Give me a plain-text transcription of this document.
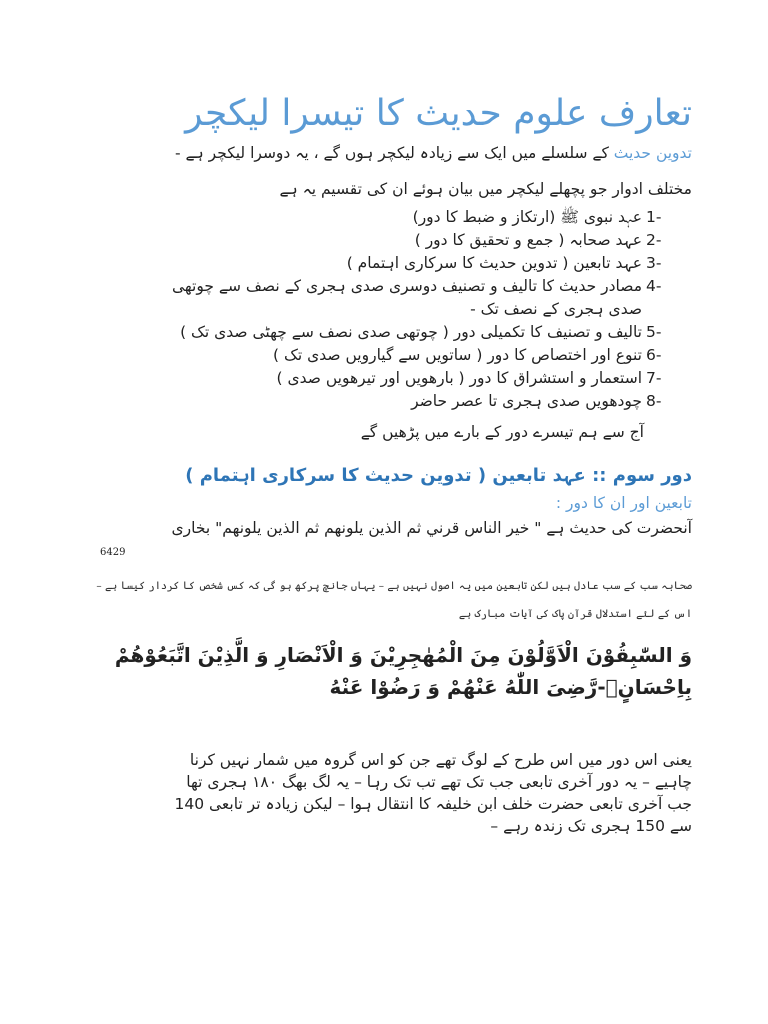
تعارف علوم حدیث کا تیسرا لیکچر

تدوین حدیث کے سلسلے میں ایک سے زیادہ لیکچر ہوں گے ، یہ دوسرا لیکچر ہے -

مختلف ادوار جو پچھلے لیکچر میں بیان ہوئے ان کی تقسیم یہ ہے

1-
عہد نبوی ﷺ (ارتکاز و ضبط کا دور)
2-
عہد صحابہ ( جمع و تحقیق کا دور )
3-
عہد تابعین ( تدوین حدیث کا سرکاری اہتمام )
4-
مصادر حدیث کا تالیف و تصنیف دوسری صدی ہجری کے نصف سے چوتھی
صدی ہجری کے نصف تک -
5-
تالیف و تصنیف کا تکمیلی دور ( چوتھی صدی نصف سے چھٹی صدی تک )
6-
تنوع اور اختصاص کا دور ( ساتویں سے گیارویں صدی تک )
7-
استعمار و استشراق کا دور ( بارھویں اور تیرھویں صدی )
8-
چودھویں صدی ہجری تا عصر حاضر

آج سے ہم تیسرے دور کے بارے میں پڑھیں گے

دور سوم :: عہد تابعین ( تدوین حدیث کا سرکاری اہتمام )
تابعین اور ان کا دور :

آنحضرت کی حدیث ہے " خير الناس قرني ثم الذين يلونهم ثم الذين يلونهم" بخاری

6429
صحابہ سب کے سب عادل ہیں لکن تابعین میں یہ اصول نہیں ہے – یہاں جانچ پرکھ ہو گی کہ کس شخص کا کردار کیسا ہے –
اس کے لئے استدلال قرآن پاک کی آیات مبارک ہے
وَ السّٰبِقُوْنَ الْاَوَّلُوْنَ مِنَ الْمُهٰجِرِیْنَ وَ الْاَنْصَارِ وَ الَّذِیْنَ اتَّبَعُوْهُمْ بِاِحْسَانٍۙ-رَّضِیَ اللّٰهُ عَنْهُمْ وَ رَضُوْا عَنْهُ

یعنی اس دور میں اس طرح کے لوگ تھے جن کو اس گروہ میں شمار نہیں کرنا

چاہیے – یہ دور آخری تابعی جب تک تھے تب تک رہا – یہ لگ بھگ ۱۸۰ ہجری تھا

جب آخری تابعی حضرت خلف ابن خلیفہ کا انتقال ہوا – لیکن زیادہ تر تابعی 140

سے 150 ہجری تک زندہ رہے –
